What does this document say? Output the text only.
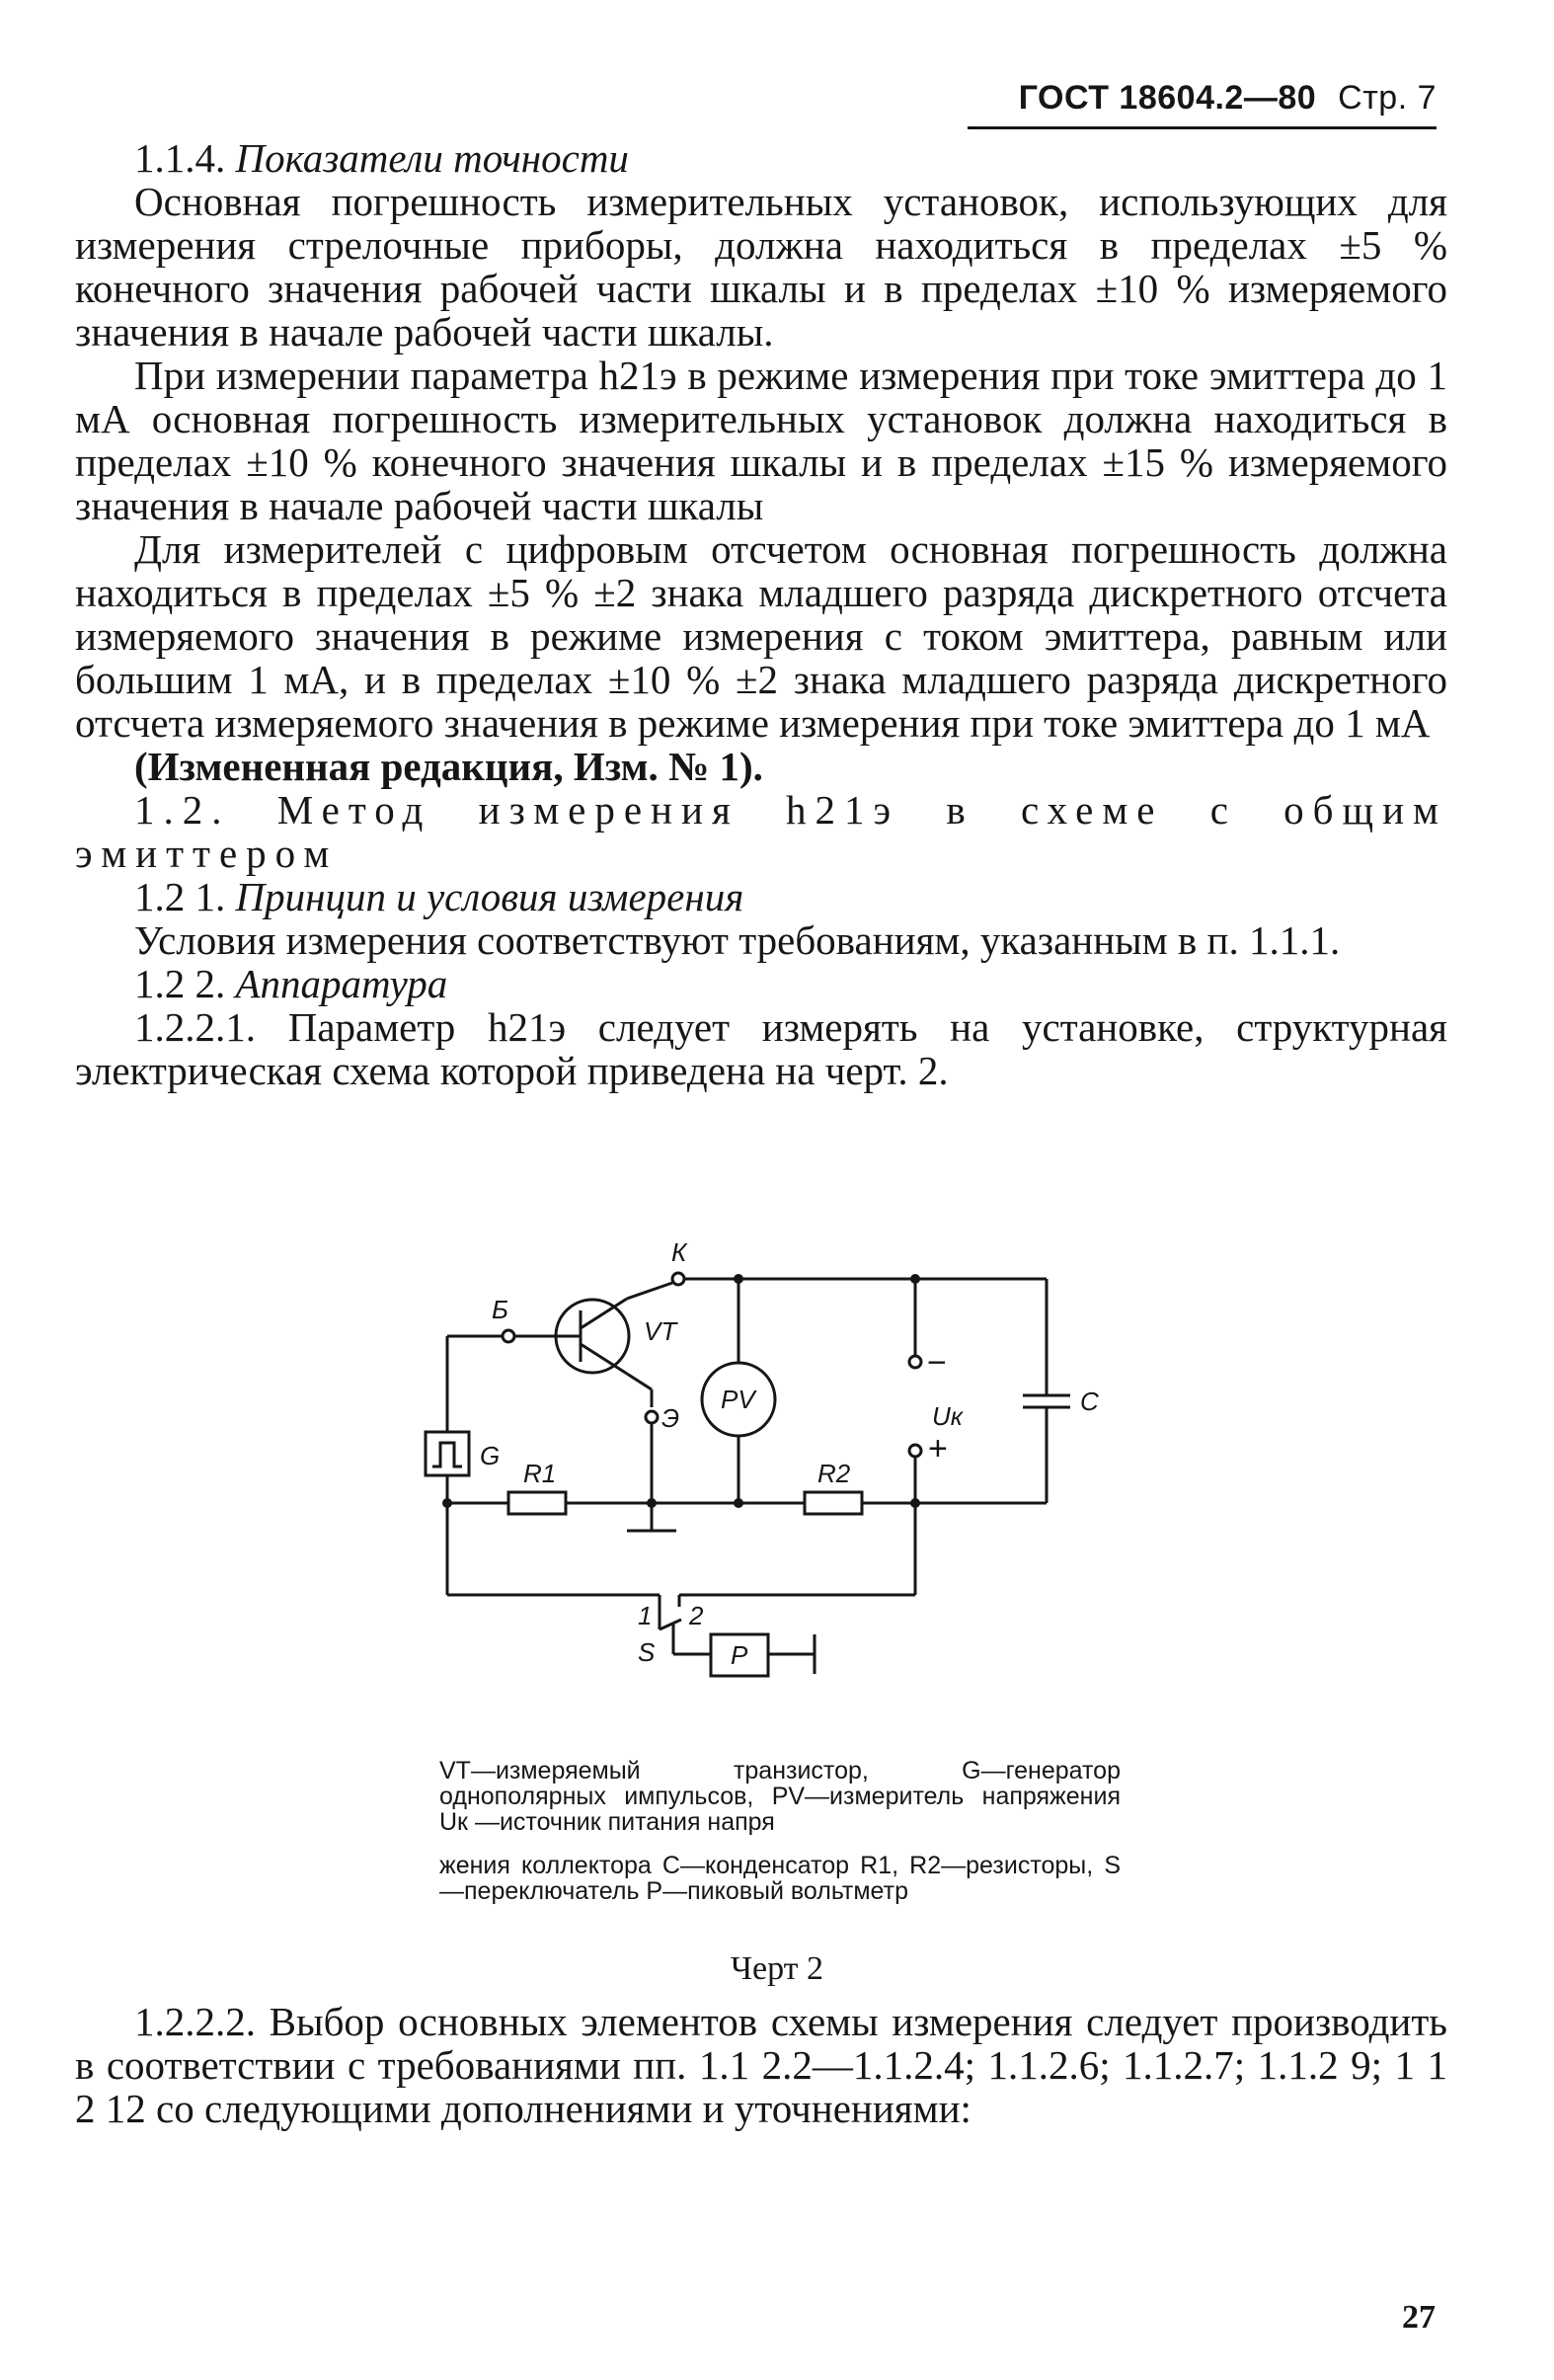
ГОСТ 18604.2—80 Стр. 7

1.1.4. Показатели точности

Основная погрешность измерительных установок, использующих для измерения стрелочные приборы, должна находиться в пределах ±5 % конечного значения рабочей части шкалы и в пределах ±10 % измеряемого значения в начале рабочей части шкалы.

При измерении параметра h21э в режиме измерения при токе эмиттера до 1 мА основная погрешность измерительных установок должна находиться в пределах ±10 % конечного значения шкалы и в пределах ±15 % измеряемого значения в начале рабочей части шкалы

Для измерителей с цифровым отсчетом основная погрешность должна находиться в пределах ±5 % ±2 знака младшего разряда дискретного отсчета измеряемого значения в режиме измерения с током эмиттера, равным или большим 1 мА, и в пределах ±10 % ±2 знака младшего разряда дискретного отсчета измеряемого значения в режиме измерения при токе эмиттера до 1 мА

(Измененная редакция, Изм. № 1).

1.2. Метод измерения h21э в схеме с общим эмиттером

1.2 1. Принцип и условия измерения

Условия измерения соответствуют требованиям, указанным в п. 1.1.1.

1.2 2. Аппаратура

1.2.2.1. Параметр h21э следует измерять на установке, структурная электрическая схема которой приведена на черт. 2.

К
Б
VT
Э
G
PV
−
Uк
+
C
R1	R2
1 2
S	P
VT—измеряемый транзистор, G—генератор однополярных импульсов, PV—измеритель напряжения Uк —источник питания напря
жения коллектора C—конденсатор R1, R2—резисторы, S—переключатель P—пиковый вольтметр
Черт 2

1.2.2.2. Выбор основных элементов схемы измерения следует производить в соответствии с требованиями пп. 1.1 2.2—1.1.2.4; 1.1.2.6; 1.1.2.7; 1.1.2 9; 1 1 2 12 со следующими дополнениями и уточнениями:

27
